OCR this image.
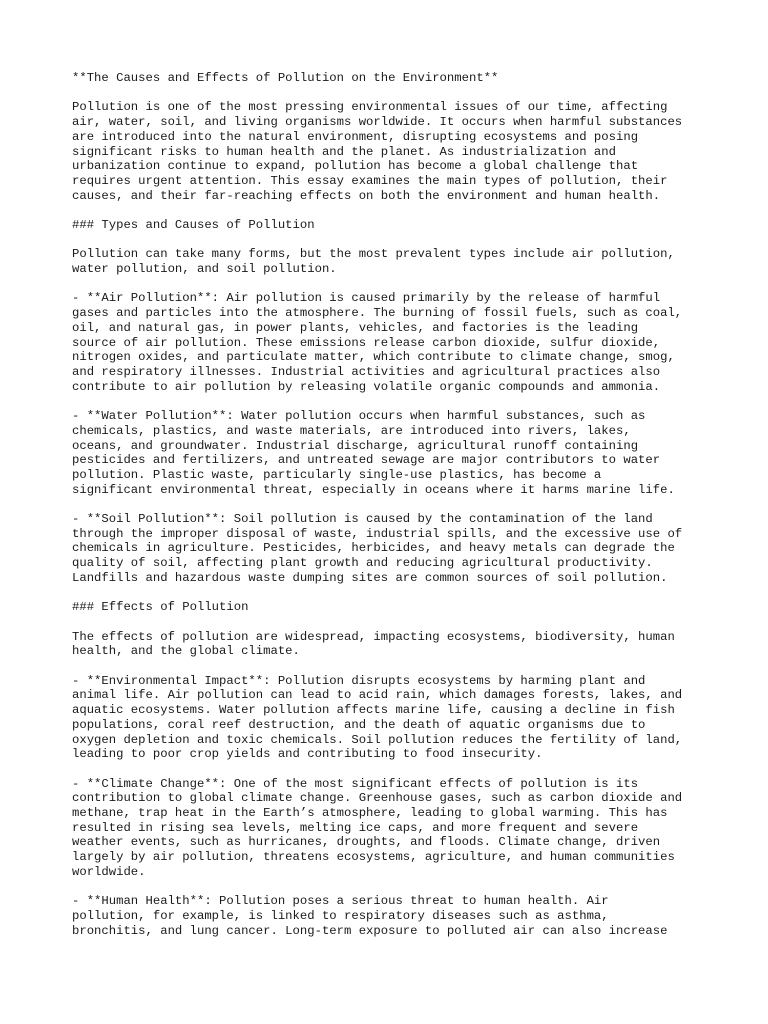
**The Causes and Effects of Pollution on the Environment**

Pollution is one of the most pressing environmental issues of our time, affecting
air, water, soil, and living organisms worldwide. It occurs when harmful substances
are introduced into the natural environment, disrupting ecosystems and posing
significant risks to human health and the planet. As industrialization and
urbanization continue to expand, pollution has become a global challenge that
requires urgent attention. This essay examines the main types of pollution, their
causes, and their far-reaching effects on both the environment and human health.

### Types and Causes of Pollution

Pollution can take many forms, but the most prevalent types include air pollution,
water pollution, and soil pollution.

- **Air Pollution**: Air pollution is caused primarily by the release of harmful
gases and particles into the atmosphere. The burning of fossil fuels, such as coal,
oil, and natural gas, in power plants, vehicles, and factories is the leading
source of air pollution. These emissions release carbon dioxide, sulfur dioxide,
nitrogen oxides, and particulate matter, which contribute to climate change, smog,
and respiratory illnesses. Industrial activities and agricultural practices also
contribute to air pollution by releasing volatile organic compounds and ammonia.

- **Water Pollution**: Water pollution occurs when harmful substances, such as
chemicals, plastics, and waste materials, are introduced into rivers, lakes,
oceans, and groundwater. Industrial discharge, agricultural runoff containing
pesticides and fertilizers, and untreated sewage are major contributors to water
pollution. Plastic waste, particularly single-use plastics, has become a
significant environmental threat, especially in oceans where it harms marine life.

- **Soil Pollution**: Soil pollution is caused by the contamination of the land
through the improper disposal of waste, industrial spills, and the excessive use of
chemicals in agriculture. Pesticides, herbicides, and heavy metals can degrade the
quality of soil, affecting plant growth and reducing agricultural productivity.
Landfills and hazardous waste dumping sites are common sources of soil pollution.

### Effects of Pollution

The effects of pollution are widespread, impacting ecosystems, biodiversity, human
health, and the global climate.

- **Environmental Impact**: Pollution disrupts ecosystems by harming plant and
animal life. Air pollution can lead to acid rain, which damages forests, lakes, and
aquatic ecosystems. Water pollution affects marine life, causing a decline in fish
populations, coral reef destruction, and the death of aquatic organisms due to
oxygen depletion and toxic chemicals. Soil pollution reduces the fertility of land,
leading to poor crop yields and contributing to food insecurity.

- **Climate Change**: One of the most significant effects of pollution is its
contribution to global climate change. Greenhouse gases, such as carbon dioxide and
methane, trap heat in the Earth’s atmosphere, leading to global warming. This has
resulted in rising sea levels, melting ice caps, and more frequent and severe
weather events, such as hurricanes, droughts, and floods. Climate change, driven
largely by air pollution, threatens ecosystems, agriculture, and human communities
worldwide.

- **Human Health**: Pollution poses a serious threat to human health. Air
pollution, for example, is linked to respiratory diseases such as asthma,
bronchitis, and lung cancer. Long-term exposure to polluted air can also increase
